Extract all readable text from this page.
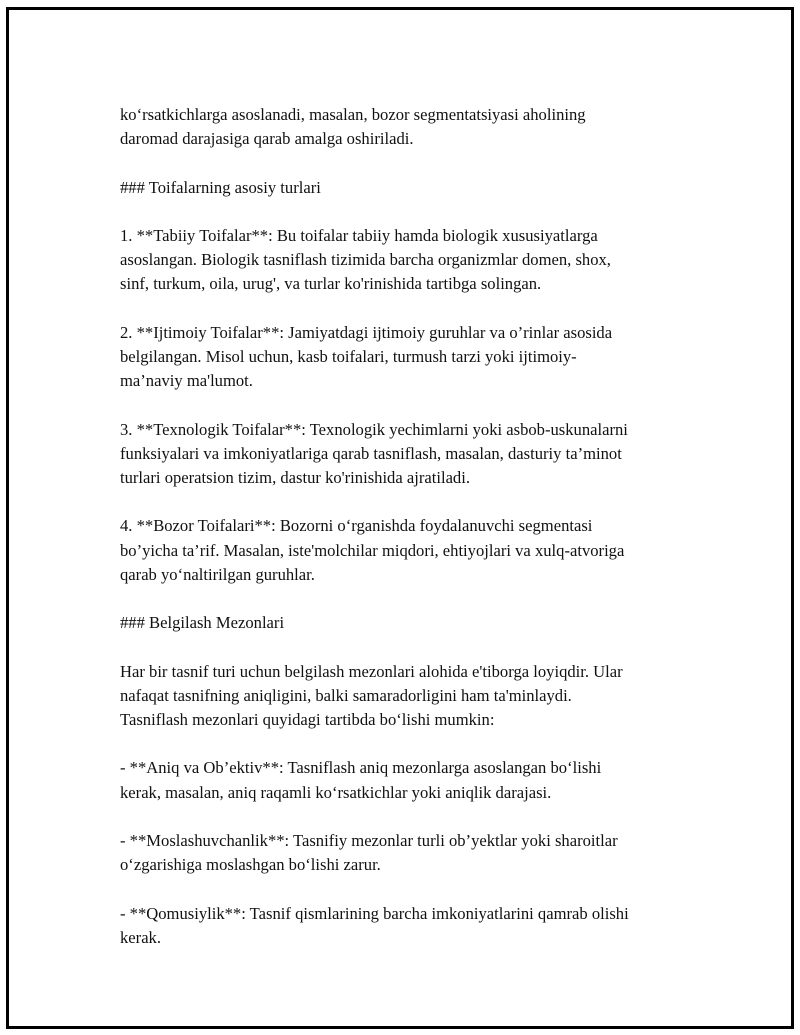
ko‘rsatkichlarga asoslanadi, masalan, bozor segmentatsiyasi aholining
daromad darajasiga qarab amalga oshiriladi.

### Toifalarning asosiy turlari

1. **Tabiiy Toifalar**: Bu toifalar tabiiy hamda biologik xususiyatlarga
asoslangan. Biologik tasniflash tizimida barcha organizmlar domen, shox,
sinf, turkum, oila, urug', va turlar ko'rinishida tartibga solingan.

2. **Ijtimoiy Toifalar**: Jamiyatdagi ijtimoiy guruhlar va o’rinlar asosida
belgilangan. Misol uchun, kasb toifalari, turmush tarzi yoki ijtimoiy-
ma’naviy ma'lumot.

3. **Texnologik Toifalar**: Texnologik yechimlarni yoki asbob-uskunalarni
funksiyalari va imkoniyatlariga qarab tasniflash, masalan, dasturiy ta’minot
turlari operatsion tizim, dastur ko'rinishida ajratiladi.

4. **Bozor Toifalari**: Bozorni o‘rganishda foydalanuvchi segmentasi
bo’yicha ta’rif. Masalan, iste'molchilar miqdori, ehtiyojlari va xulq-atvoriga
qarab yo‘naltirilgan guruhlar.

### Belgilash Mezonlari

Har bir tasnif turi uchun belgilash mezonlari alohida e'tiborga loyiqdir. Ular
nafaqat tasnifning aniqligini, balki samaradorligini ham ta'minlaydi.
Tasniflash mezonlari quyidagi tartibda bo‘lishi mumkin:

- **Aniq va Ob’ektiv**: Tasniflash aniq mezonlarga asoslangan bo‘lishi
kerak, masalan, aniq raqamli ko‘rsatkichlar yoki aniqlik darajasi.

- **Moslashuvchanlik**: Tasnifiy mezonlar turli ob’yektlar yoki sharoitlar
o‘zgarishiga moslashgan bo‘lishi zarur.

- **Qomusiylik**: Tasnif qismlarining barcha imkoniyatlarini qamrab olishi
kerak.
